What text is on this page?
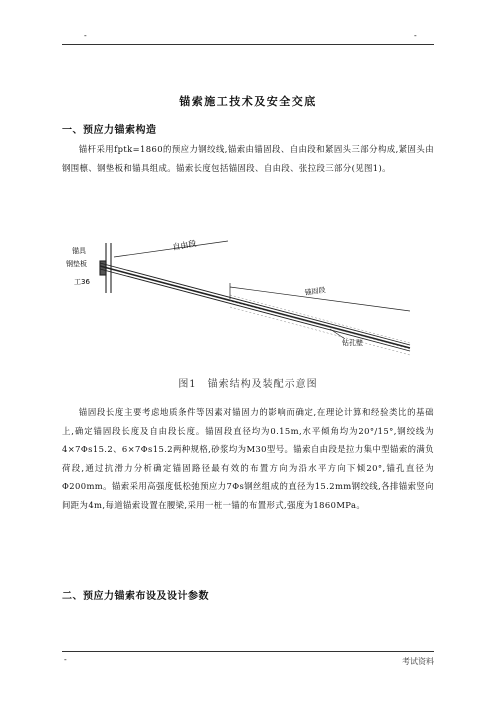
-	-
锚索施工技术及安全交底
一、预应力锚索构造

锚杆采用fptk=1860的预应力钢绞线,锚索由锚固段、自由段和紧固头三部分构成,紧固头由钢围檩、钢垫板和锚具组成。锚索长度包括锚固段、自由段、张拉段三部分(见图1)。

锚具
钢垫板
工36
自由段
锚固段
钻孔壁
图1　锚索结构及装配示意图

锚固段长度主要考虑地质条件等因素对锚固力的影响而确定,在理论计算和经验类比的基础上,确定锚固段长度及自由段长度。锚固段直径均为0.15m,水平倾角均为20°/15°,钢绞线为4×7Φs15.2、6×7Φs15.2两种规格,砂浆均为M30型号。锚索自由段是拉力集中型锚索的满负荷段,通过抗滑力分析确定锚固路径最有效的布置方向为沿水平方向下倾20°,锚孔直径为Φ200mm。锚索采用高强度低松弛预应力7Φs钢丝组成的直径为15.2mm钢绞线,各排锚索竖向间距为4m,每道锚索设置在腰梁,采用一桩一锚的布置形式,强度为1860MPa。

二、预应力锚索布设及设计参数
-	考试资料
